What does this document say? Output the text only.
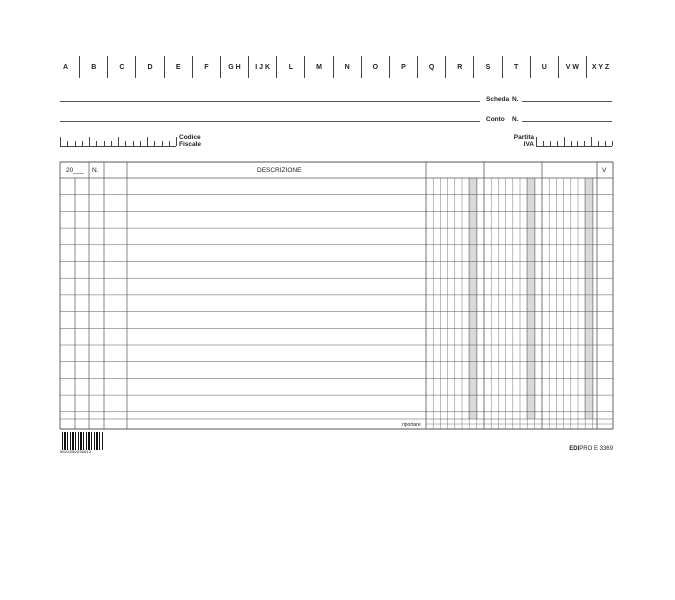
A	B	C	D	E	F	G H	I J K	L	M	N	O	P	Q	R	S	T	U	V W	X Y Z
Scheda N.
Conto N.
Codice Fiscale
Partita IVA
20___ N.	DESCRIZIONE	V
riportare
8023289336913
EDIPRO E 3369
